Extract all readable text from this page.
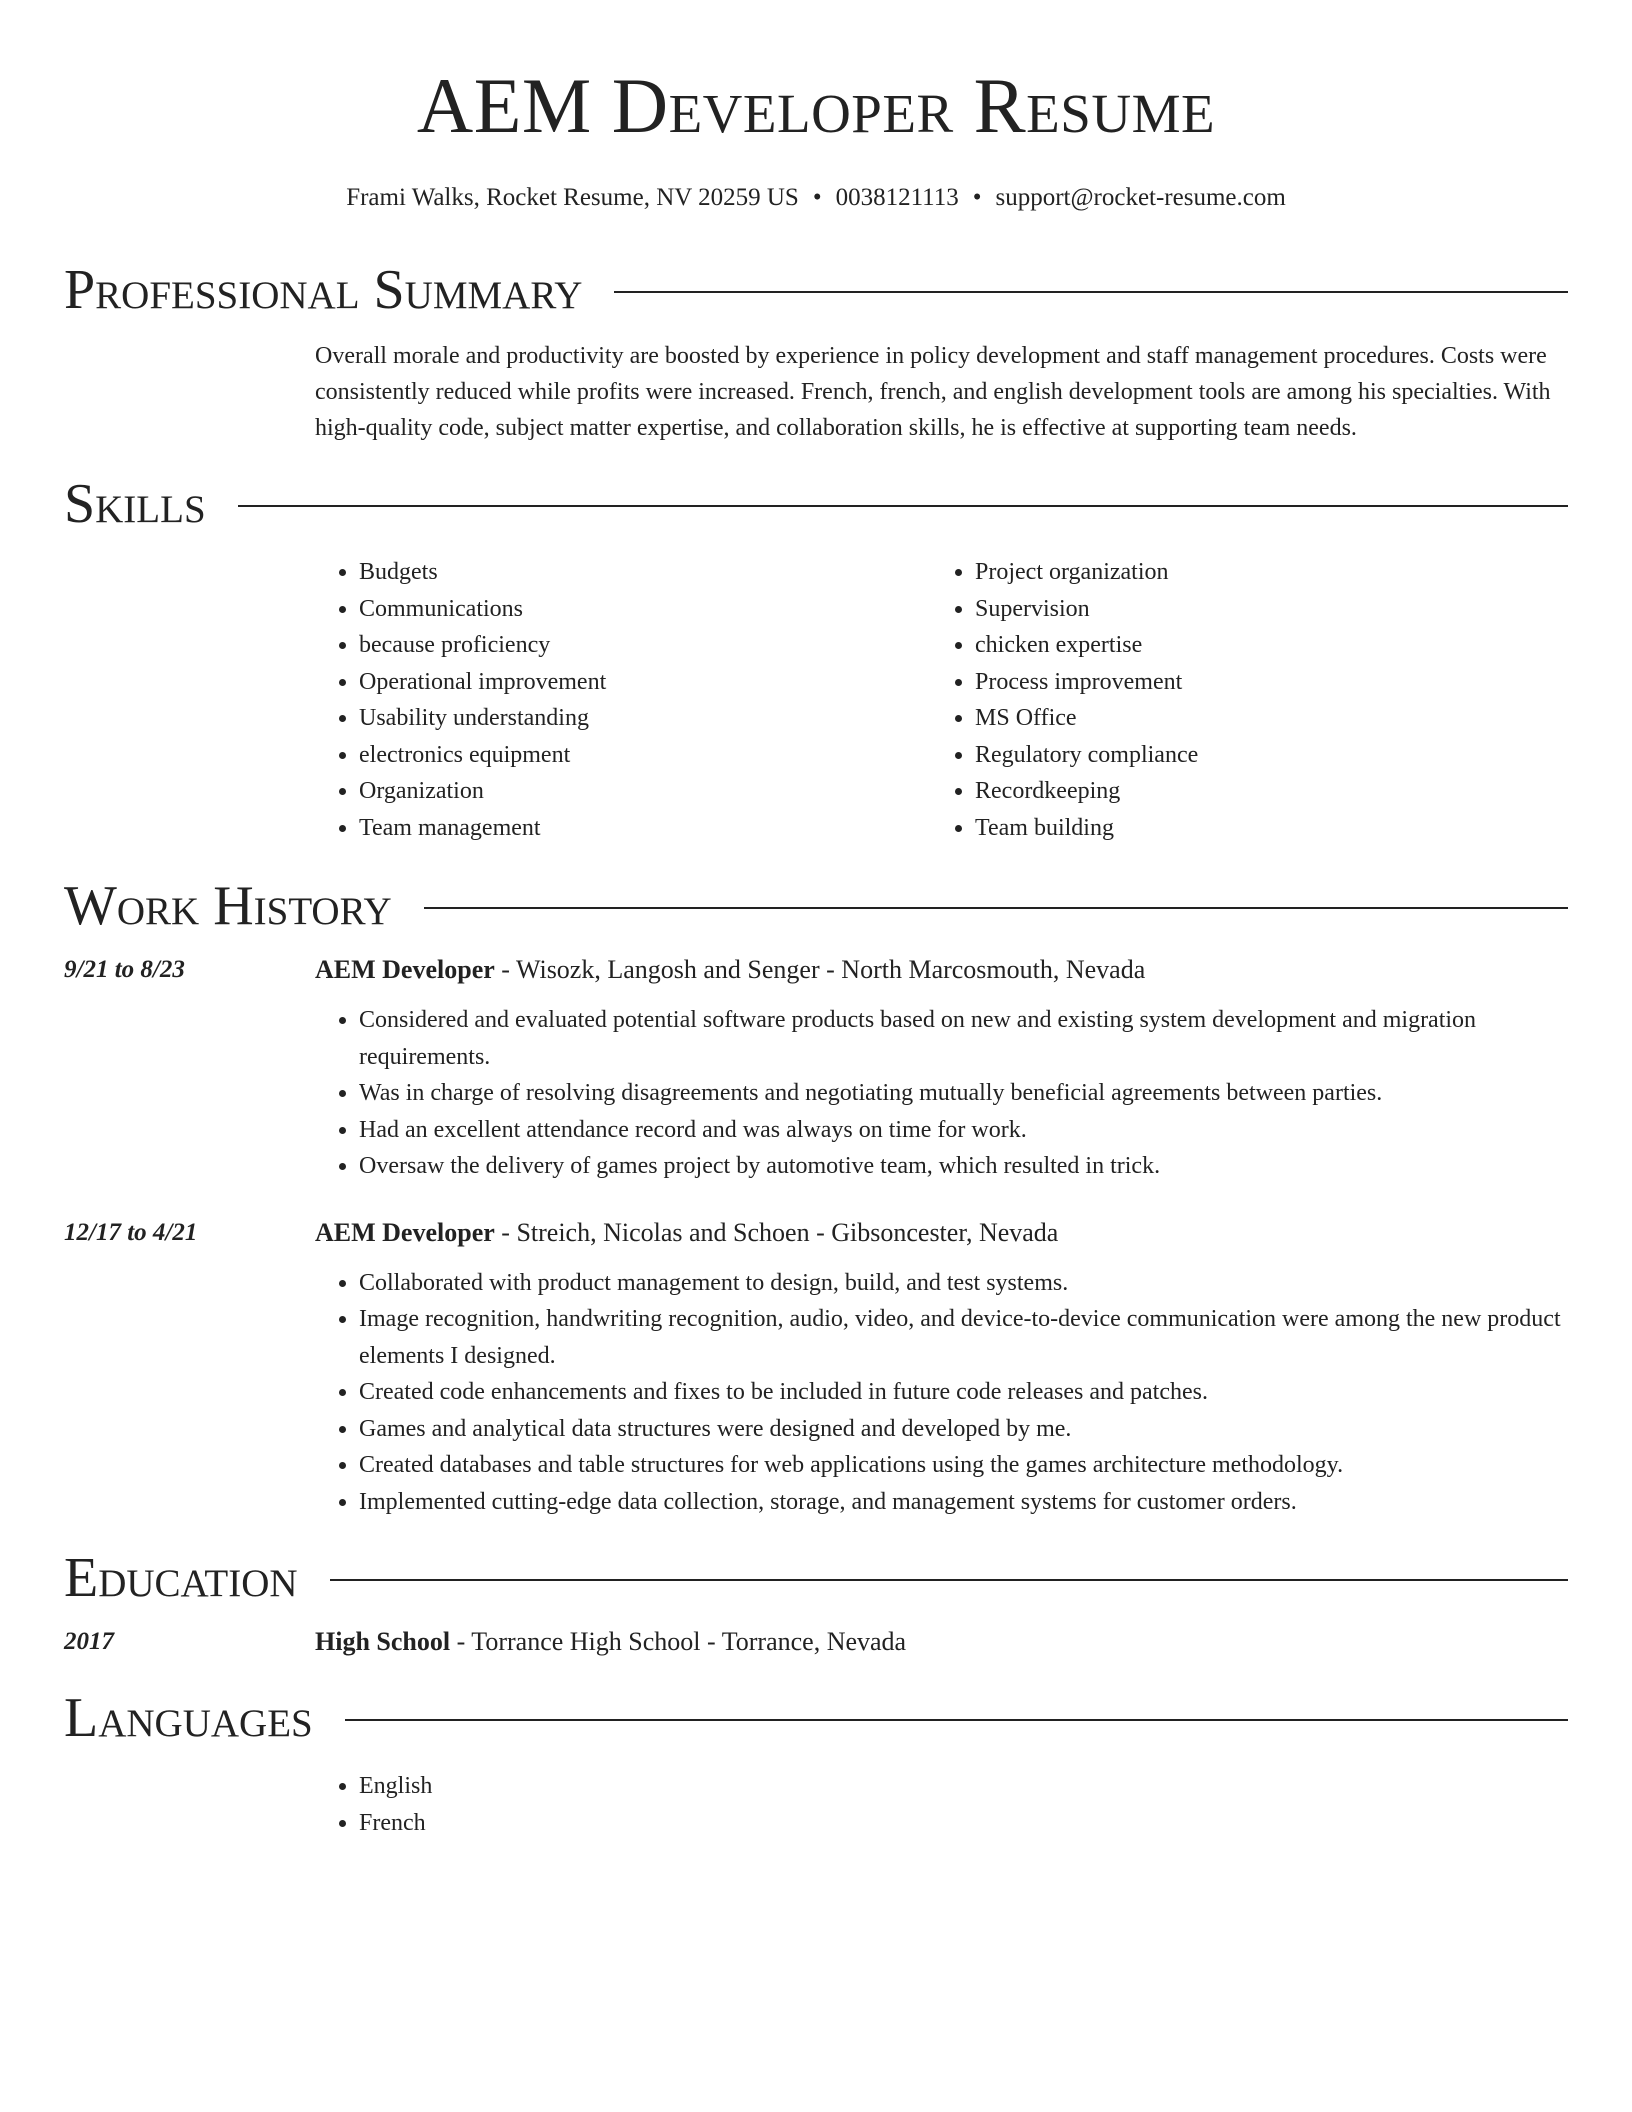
AEM Developer Resume
Frami Walks, Rocket Resume, NV 20259 US • 0038121113 • support@rocket-resume.com
Professional Summary
Overall morale and productivity are boosted by experience in policy development and staff management procedures. Costs were consistently reduced while profits were increased. French, french, and english development tools are among his specialties. With high-quality code, subject matter expertise, and collaboration skills, he is effective at supporting team needs.
Skills
• Budgets
• Communications
• because proficiency
• Operational improvement
• Usability understanding
• electronics equipment
• Organization
• Team management
• Project organization
• Supervision
• chicken expertise
• Process improvement
• MS Office
• Regulatory compliance
• Recordkeeping
• Team building
Work History
9/21 to 8/23	AEM Developer - Wisozk, Langosh and Senger - North Marcosmouth, Nevada
• Considered and evaluated potential software products based on new and existing system development and migration requirements.
• Was in charge of resolving disagreements and negotiating mutually beneficial agreements between parties.
• Had an excellent attendance record and was always on time for work.
• Oversaw the delivery of games project by automotive team, which resulted in trick.
12/17 to 4/21	AEM Developer - Streich, Nicolas and Schoen - Gibsoncester, Nevada
• Collaborated with product management to design, build, and test systems.
• Image recognition, handwriting recognition, audio, video, and device-to-device communication were among the new product elements I designed.
• Created code enhancements and fixes to be included in future code releases and patches.
• Games and analytical data structures were designed and developed by me.
• Created databases and table structures for web applications using the games architecture methodology.
• Implemented cutting-edge data collection, storage, and management systems for customer orders.
Education
2017	High School - Torrance High School - Torrance, Nevada
Languages
• English
• French
